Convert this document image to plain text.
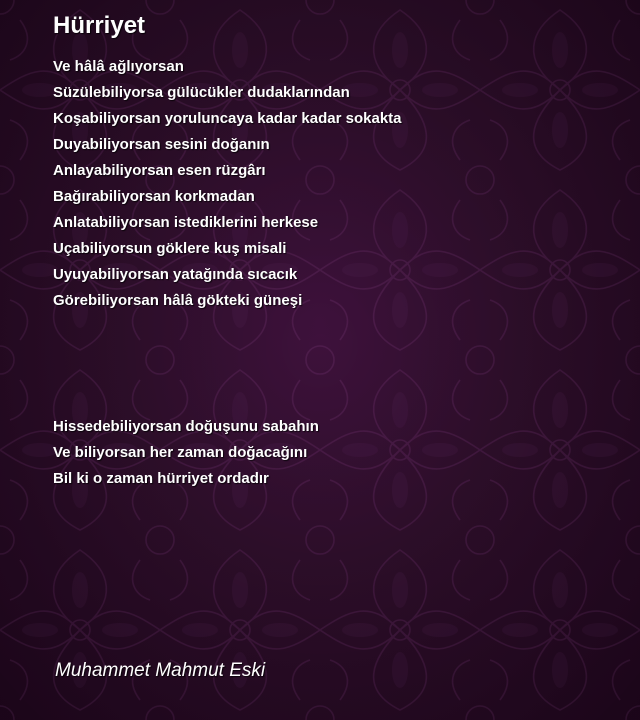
Hürriyet
Ve hâlâ ağlıyorsan
Süzülebiliyorsa gülücükler dudaklarından
Koşabiliyorsan yoruluncaya kadar kadar sokakta
Duyabiliyorsan sesini doğanın
Anlayabiliyorsan esen rüzgârı
Bağırabiliyorsan korkmadan
Anlatabiliyorsan istediklerini herkese
Uçabiliyorsun göklere kuş misali
Uyuyabiliyorsan yatağında sıcacık
Görebiliyorsan hâlâ gökteki güneşi
Hissedebiliyorsan doğuşunu sabahın
Ve biliyorsan her zaman doğacağını
Bil ki o zaman hürriyet ordadır

Muhammet Mahmut Eski
